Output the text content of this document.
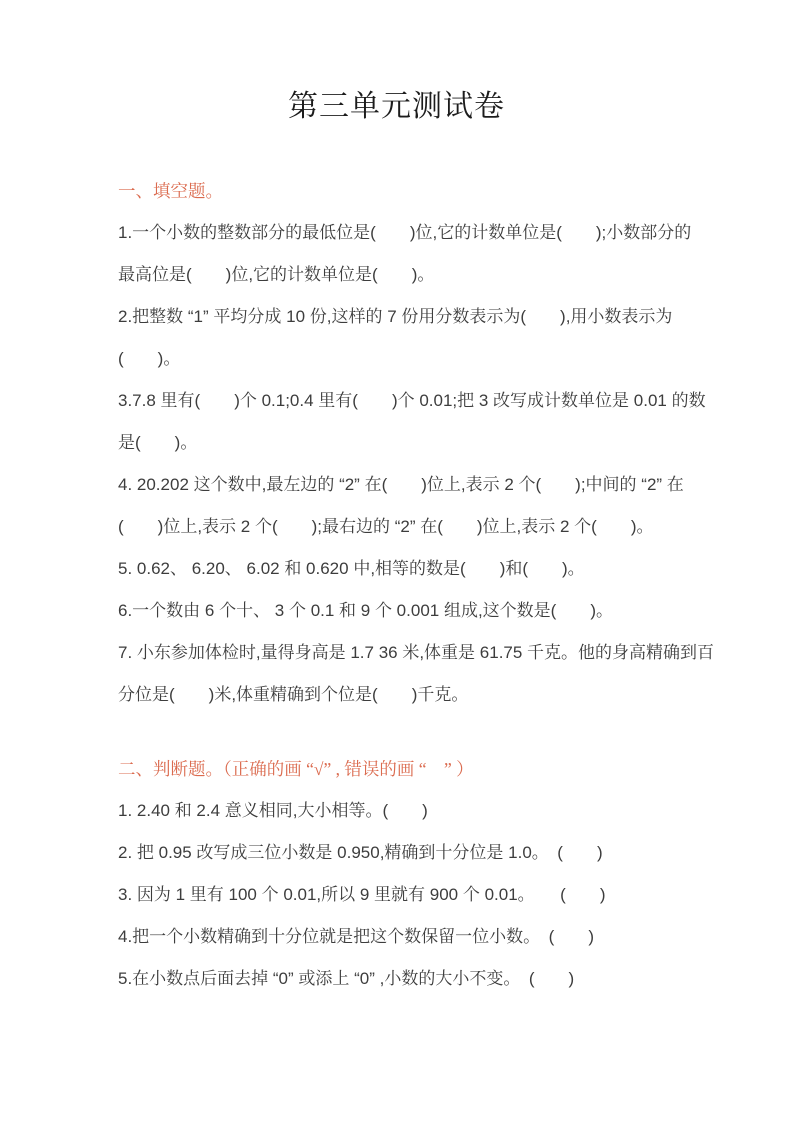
第三单元测试卷
一、填空题。
1.一个小数的整数部分的最低位是(　　)位,它的计数单位是(　　);小数部分的
最高位是(　　)位,它的计数单位是(　　)。
2.把整数 “1” 平均分成 10 份,这样的 7 份用分数表示为(　　),用小数表示为
(　　)。
3.7.8 里有(　　)个 0.1;0.4 里有(　　)个 0.01;把 3 改写成计数单位是 0.01 的数
是(　　)。
4. 20.202 这个数中,最左边的 “2” 在(　　)位上,表示 2 个(　　);中间的 “2” 在
(　　)位上,表示 2 个(　　);最右边的 “2” 在(　　)位上,表示 2 个(　　)。
5. 0.62、 6.20、 6.02 和 0.620 中,相等的数是(　　)和(　　)。
6.一个数由 6 个十、 3 个 0.1 和 9 个 0.001 组成,这个数是(　　)。
7. 小东参加体检时,量得身高是 1.7 36 米,体重是 61.75 千克。他的身高精确到百
分位是(　　)米,体重精确到个位是(　　)千克。
二、判断题。（正确的画 “√” , 错误的画 “　” ）
1. 2.40 和 2.4 意义相同,大小相等。(　　)
2. 把 0.95 改写成三位小数是 0.950,精确到十分位是 1.0。　(　　)
3. 因为 1 里有 100 个 0.01,所以 9 里就有 900 个 0.01。　　(　　)
4.把一个小数精确到十分位就是把这个数保留一位小数。　(　　)
5.在小数点后面去掉 “0” 或添上 “0” ,小数的大小不变。　(　　)
